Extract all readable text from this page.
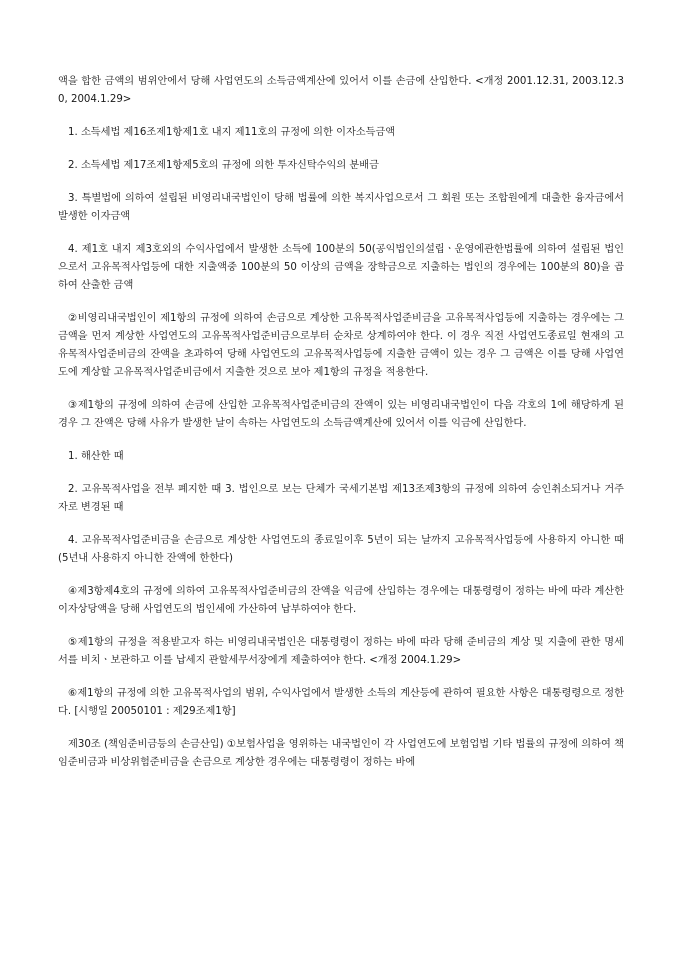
액을 합한 금액의 범위안에서 당해 사업연도의 소득금액계산에 있어서 이를 손금에 산입한다. <개정 2001.12.31, 2003.12.30, 2004.1.29>

1. 소득세법 제16조제1항제1호 내지 제11호의 규정에 의한 이자소득금액

2. 소득세법 제17조제1항제5호의 규정에 의한 투자신탁수익의 분배금

3. 특별법에 의하여 설립된 비영리내국법인이 당해 법률에 의한 복지사업으로서 그 회원 또는 조합원에게 대출한 융자금에서 발생한 이자금액

4. 제1호 내지 제3호외의 수익사업에서 발생한 소득에 100분의 50(공익법인의설립ㆍ운영에관한법률에 의하여 설립된 법인으로서 고유목적사업등에 대한 지출액중 100분의 50 이상의 금액을 장학금으로 지출하는 법인의 경우에는 100분의 80)을 곱하여 산출한 금액

②비영리내국법인이 제1항의 규정에 의하여 손금으로 계상한 고유목적사업준비금을 고유목적사업등에 지출하는 경우에는 그 금액을 먼저 계상한 사업연도의 고유목적사업준비금으로부터 순차로 상계하여야 한다. 이 경우 직전 사업연도종료일 현재의 고유목적사업준비금의 잔액을 초과하여 당해 사업연도의 고유목적사업등에 지출한 금액이 있는 경우 그 금액은 이를 당해 사업연도에 계상할 고유목적사업준비금에서 지출한 것으로 보아 제1항의 규정을 적용한다.

③제1항의 규정에 의하여 손금에 산입한 고유목적사업준비금의 잔액이 있는 비영리내국법인이 다음 각호의 1에 해당하게 된 경우 그 잔액은 당해 사유가 발생한 날이 속하는 사업연도의 소득금액계산에 있어서 이를 익금에 산입한다.

1. 해산한 때

2. 고유목적사업을 전부 폐지한 때 3. 법인으로 보는 단체가 국세기본법 제13조제3항의 규정에 의하여 승인취소되거나 거주자로 변경된 때

4. 고유목적사업준비금을 손금으로 계상한 사업연도의 종료일이후 5년이 되는 날까지 고유목적사업등에 사용하지 아니한 때(5년내 사용하지 아니한 잔액에 한한다)

④제3항제4호의 규정에 의하여 고유목적사업준비금의 잔액을 익금에 산입하는 경우에는 대통령령이 정하는 바에 따라 계산한 이자상당액을 당해 사업연도의 법인세에 가산하여 납부하여야 한다.

⑤제1항의 규정을 적용받고자 하는 비영리내국법인은 대통령령이 정하는 바에 따라 당해 준비금의 계상 및 지출에 관한 명세서를 비치ㆍ보관하고 이를 납세지 관할세무서장에게 제출하여야 한다. <개정 2004.1.29>

⑥제1항의 규정에 의한 고유목적사업의 범위, 수익사업에서 발생한 소득의 계산등에 관하여 필요한 사항은 대통령령으로 정한다. [시행일 20050101 : 제29조제1항]

제30조 (책임준비금등의 손금산입) ①보험사업을 영위하는 내국법인이 각 사업연도에 보험업법 기타 법률의 규정에 의하여 책임준비금과 비상위험준비금을 손금으로 계상한 경우에는 대통령령이 정하는 바에
